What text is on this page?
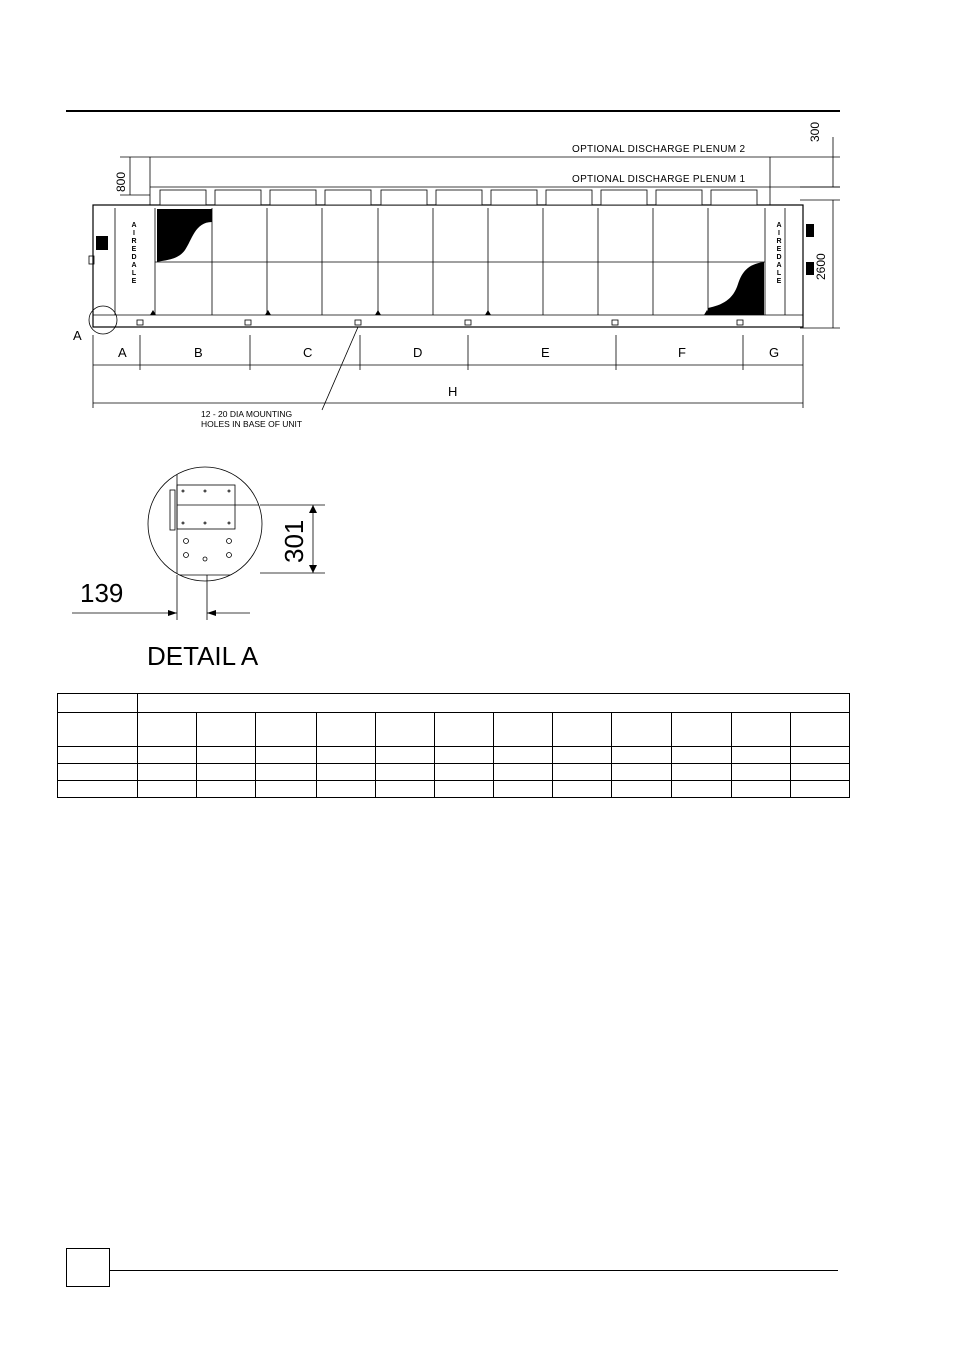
OPTIONAL DISCHARGE PLENUM 2
OPTIONAL DISCHARGE PLENUM 1
300
800
2600
A
I
R
E
D
A
L
E
A
I
R
E
D
A
L
E
A
A	B	C	D	E	F	G
H
12 - 20 DIA MOUNTING
HOLES IN BASE OF UNIT
301
139
DETAIL A
